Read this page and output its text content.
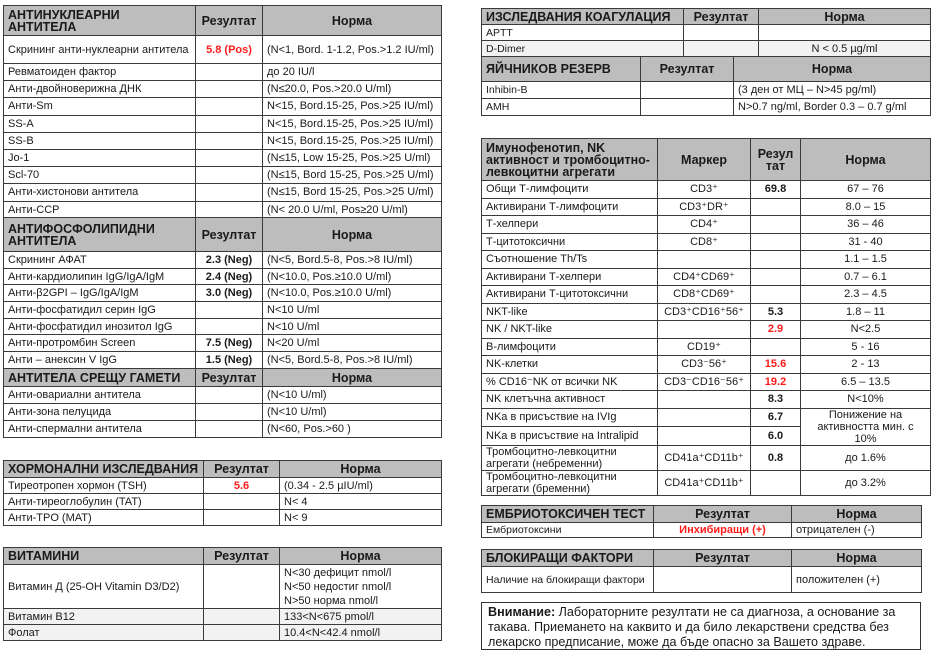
Внимание: Лабораторните резултати не са диагноза, а основание за такава. Приемането на каквито и да било лекарствени средства без лекарско предписание, може да бъде опасно за Вашето здраве.
АНТИНУКЛЕАРНИ АНТИТЕЛА	Резултат	Норма
Скрининг анти-нуклеарни антитела	5.8 (Pos)	(N<1, Bord. 1-1.2, Pos.>1.2 IU/ml)
Ревматоиден фактор		до 20 IU/l
Анти-двойноверижна ДНК		(N≤20.0, Pos.>20.0 U/ml)
Анти-Sm		N<15, Bord.15-25, Pos.>25 IU/ml)
SS-A		N<15, Bord.15-25, Pos.>25 IU/ml)
SS-B		N<15, Bord.15-25, Pos.>25 IU/ml)
Jo-1		(N≤15, Low 15-25, Pos.>25 U/ml)
Scl-70		(N≤15, Bord 15-25, Pos.>25 U/ml)
Анти-хистонови антитела		(N≤15, Bord 15-25, Pos.>25 U/ml)
Анти-CCP		(N< 20.0 U/ml, Pos≥20 U/ml)
АНТИФОСФОЛИПИДНИ АНТИТЕЛА	Резултат	Норма
Скрининг АФАТ	2.3 (Neg)	(N<5, Bord.5-8, Pos.>8 IU/ml)
Анти-кардиолипин IgG/IgA/IgM	2.4 (Neg)	(N<10.0, Pos.≥10.0 U/ml)
Анти-β2GPI – IgG/IgA/IgM	3.0 (Neg)	(N<10.0, Pos.≥10.0 U/ml)
Анти-фосфатидил серин IgG		N<10 U/ml
Анти-фосфатидил инозитол IgG		N<10 U/ml
Анти-протромбин Screen	7.5 (Neg)	N<20 U/ml
Анти – анексин V IgG	1.5 (Neg)	(N<5, Bord.5-8, Pos.>8 IU/ml)
АНТИТЕЛА СРЕЩУ ГАМЕТИ	Резултат	Норма
Анти-овариални антитела		(N<10 U/ml)
Анти-зона пелуцида		(N<10 U/ml)
Анти-спермални антитела		(N<60, Pos.>60 )
ХОРМОНАЛНИ ИЗСЛЕДВАНИЯ	Резултат	Норма
Тиреотропен хормон (TSH)	5.6	(0.34 - 2.5 µIU/ml)
Анти-тиреоглобулин (TAT)		N< 4
Анти-TPO (MAT)		N< 9
ВИТАМИНИ	Резултат	Норма
Витамин Д (25-OH Vitamin D3/D2)		N<30 дефицит nmol/l
N<50 недостиг nmol/l
N>50 норма nmol/l
Витамин B12		133<N<675 pmol/l
Фолат		10.4<N<42.4 nmol/l
ИЗСЛЕДВАНИЯ КОАГУЛАЦИЯ	Резултат	Норма
APTT		
D-Dimer		N < 0.5 µg/ml
ЯЙЧНИКОВ РЕЗЕРВ	Резултат	Норма
Inhibin-B		(3 ден от МЦ – N>45 pg/ml)
AMH		N>0.7 ng/ml, Border 0.3 – 0.7 g/ml
Имунофенотип, NK активност и тромбоцитно-левкоцитни агрегати	Маркер	Резул тат	Норма
Общи Т-лимфоцити	CD3⁺	69.8	67 – 76
Активирани Т-лимфоцити	CD3⁺DR⁺		8.0 – 15
Т-хелпери	CD4⁺		36 – 46
Т-цитотоксични	CD8⁺		31 - 40
Съотношение Th/Ts			1.1 – 1.5
Активирани Т-хелпери	CD4⁺CD69⁺		0.7 – 6.1
Активирани Т-цитотоксични	CD8⁺CD69⁺		2.3 – 4.5
NKT-like	CD3⁺CD16⁺56⁺	5.3	1.8 – 11
NK / NKT-like		2.9	N<2.5
В-лимфоцити	CD19⁺		5 - 16
NK-клетки	CD3⁻56⁺	15.6	2 - 13
% CD16⁻NK от всички NK	CD3⁻CD16⁻56⁺	19.2	6.5 – 13.5
NK клетъчна активност		8.3	N<10%
NKa в присъствие на IVIg		6.7	Понижение на активността мин. с 10%
NKa в присъствие на Intralipid		6.0	
Тромбоцитно-левкоцитни агрегати (небременни)	CD41a⁺CD11b⁺	0.8	до 1.6%
Тромбоцитно-левкоцитни агрегати (бременни)	CD41a⁺CD11b⁺		до 3.2%
ЕМБРИОТОКСИЧЕН ТЕСТ	Резултат	Норма
Ембриотоксини	Инхибиращи (+)	отрицателен (-)
БЛОКИРАЩИ ФАКТОРИ	Резултат	Норма
Наличие на блокиращи фактори		положителен (+)
